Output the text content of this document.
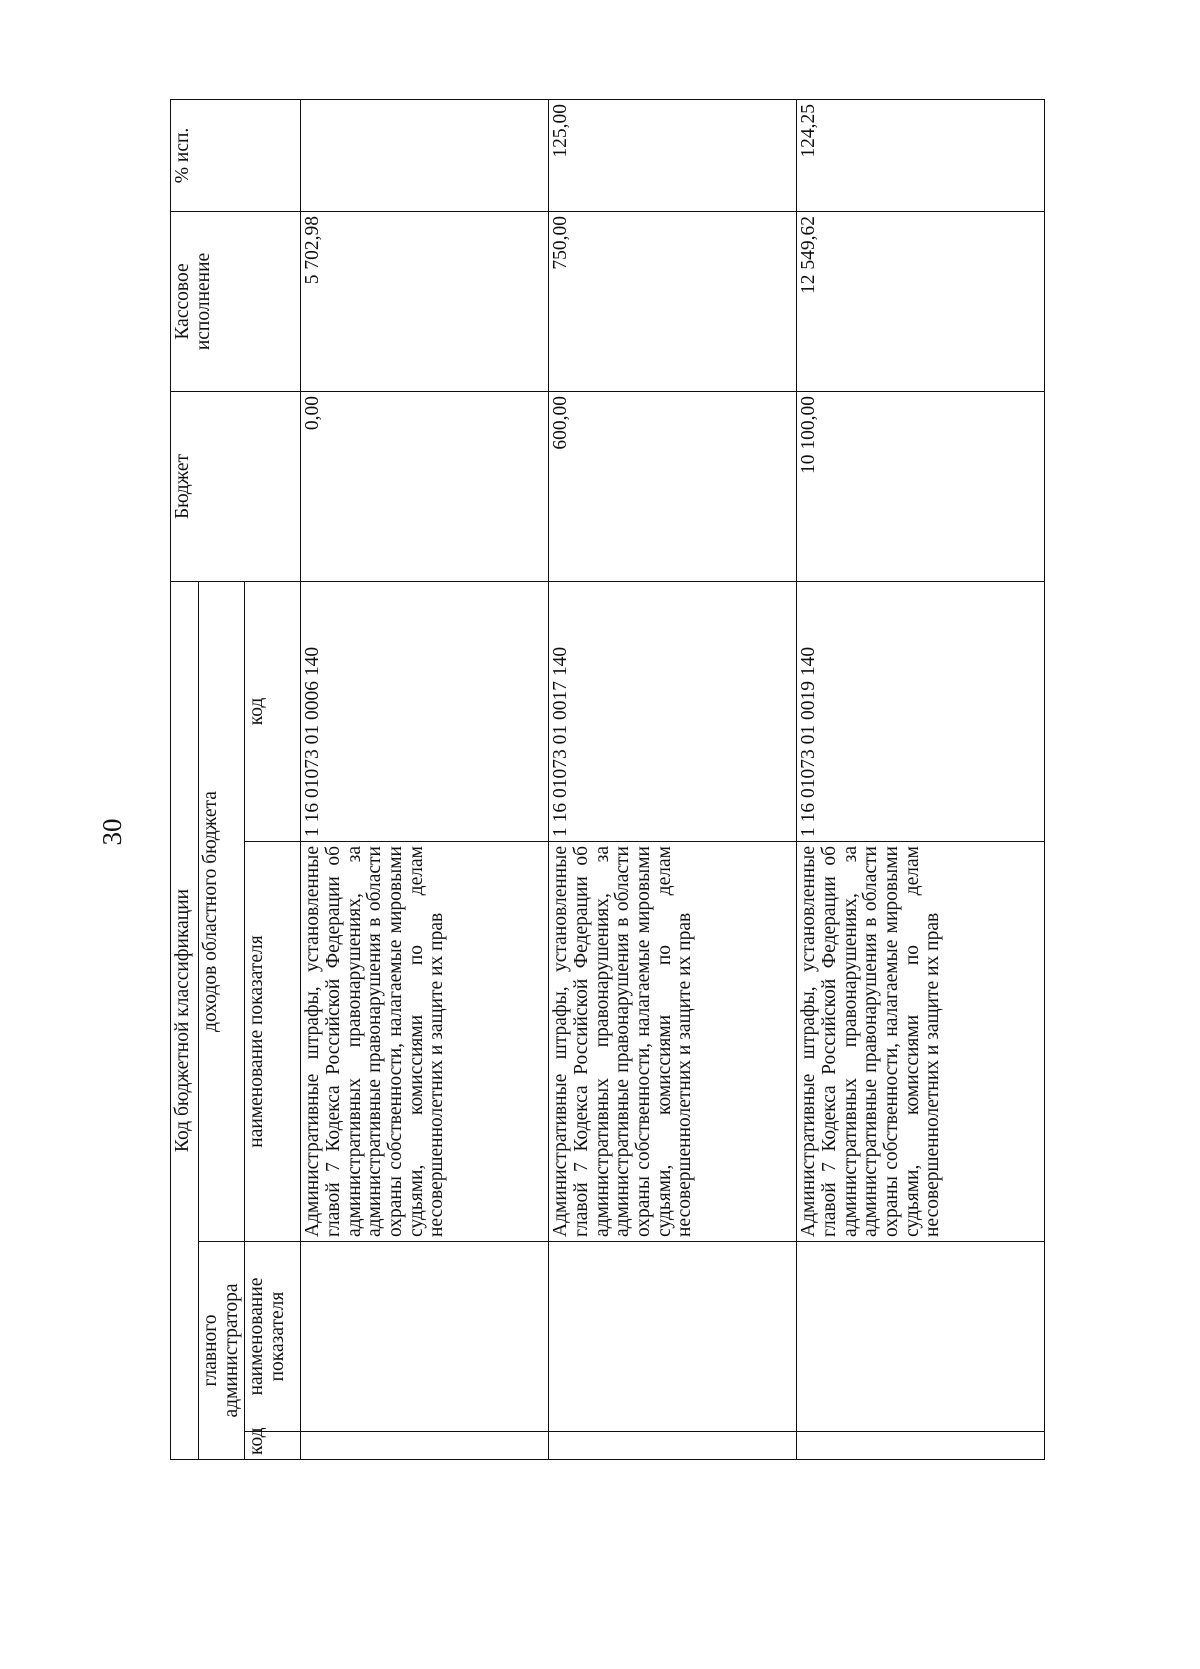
30
Код бюджетной классификации				Бюджет	Кассовое исполнение	% исп.
главного администратора		доходов областного бюджета				
код	наименование показателя	наименование показателя	код			
		Административные штрафы, установленные главой 7 Кодекса Российской Федерации об административных правонарушениях, за административные правонарушения в области охраны собственности, налагаемые мировыми судьями, комиссиями по делам несовершеннолетних и защите их прав	1 16 01073 01 0006 140	0,00	5 702,98	
		Административные штрафы, установленные главой 7 Кодекса Российской Федерации об административных правонарушениях, за административные правонарушения в области охраны собственности, налагаемые мировыми судьями, комиссиями по делам несовершеннолетних и защите их прав	1 16 01073 01 0017 140	600,00	750,00	125,00
		Административные штрафы, установленные главой 7 Кодекса Российской Федерации об административных правонарушениях, за административные правонарушения в области охраны собственности, налагаемые мировыми судьями, комиссиями по делам несовершеннолетних и защите их прав	1 16 01073 01 0019 140	10 100,00	12 549,62	124,25
